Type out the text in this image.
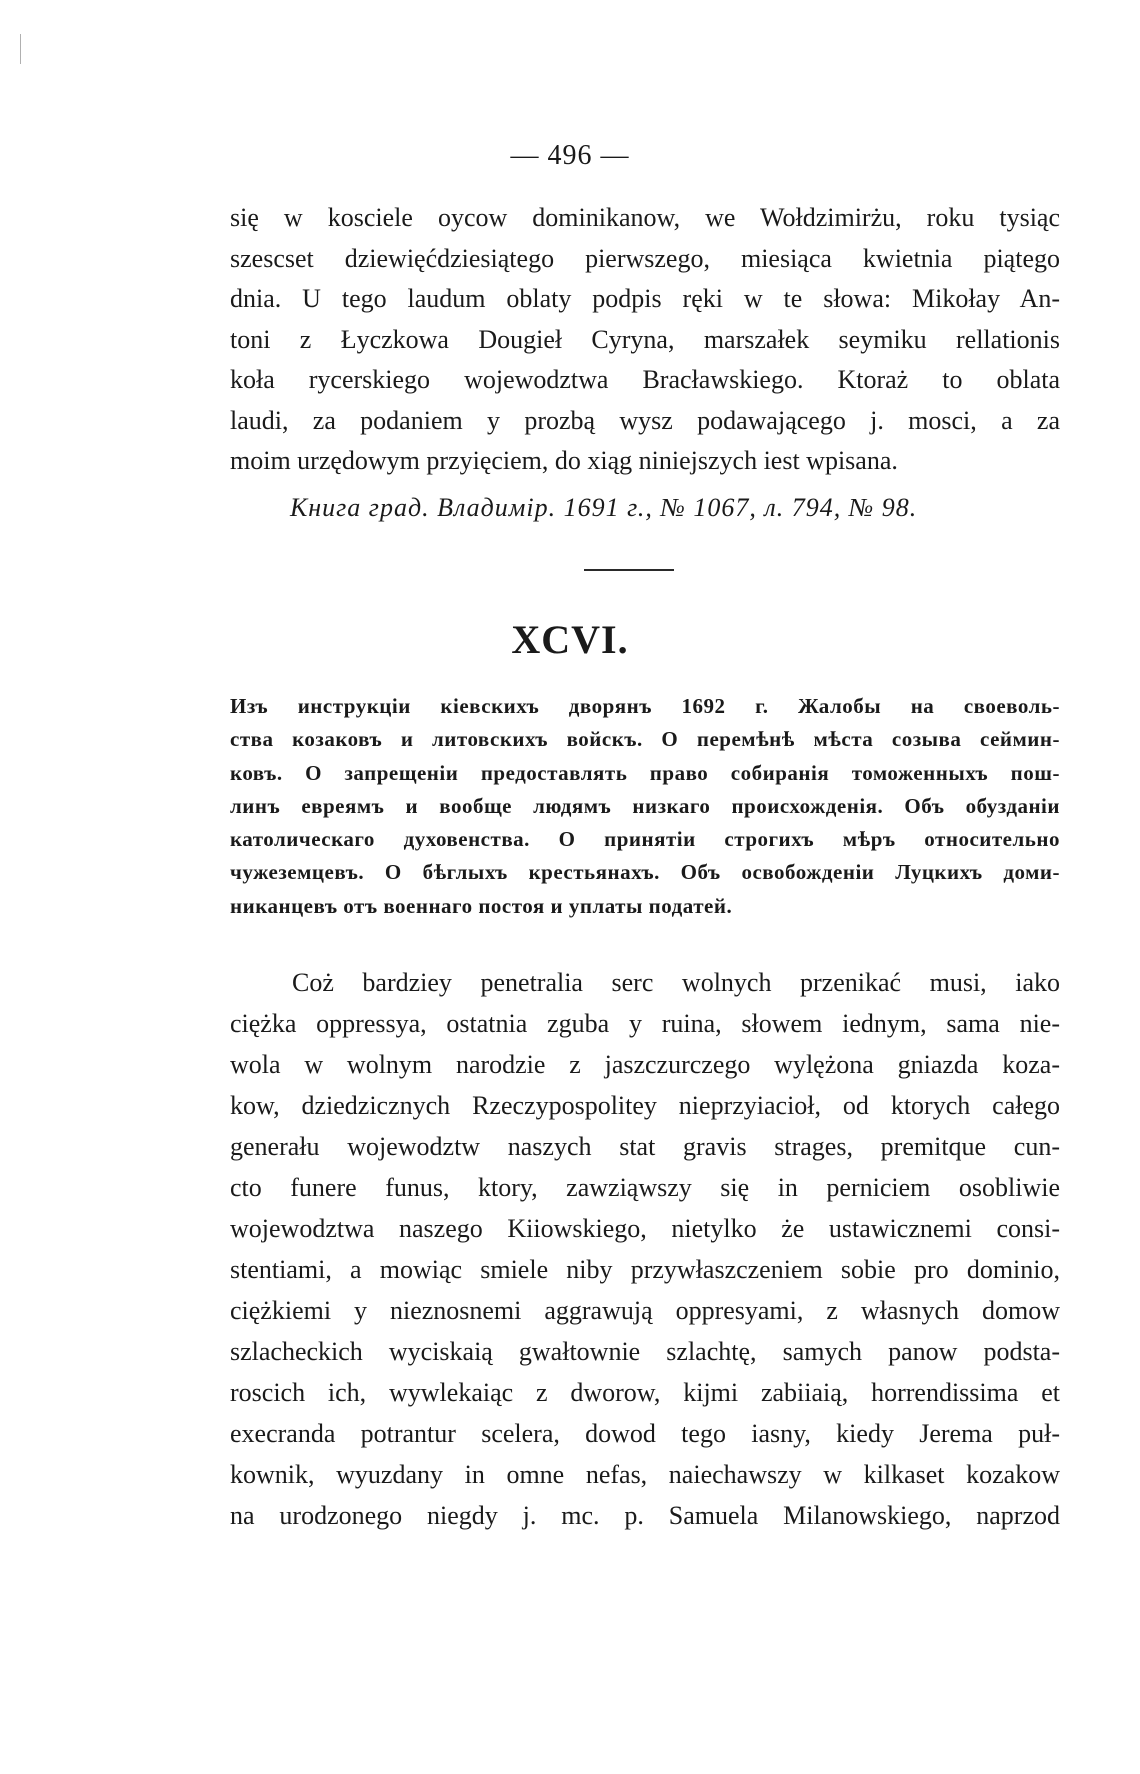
— 496 —
się w kosciele oycow dominikanow, we Wołdzimirżu, roku tysiąc
szescset dziewięćdziesiątego pierwszego, miesiąca kwietnia piątego
dnia. U tego laudum oblaty podpis ręki w te słowa: Mikołay An-
toni z Łyczkowa Dougieł Cyryna, marszałek seymiku rellationis
koła rycerskiego wojewodztwa Bracławskiego. Ktoraż to oblata
laudi, za podaniem y prozbą wysz podawającego j. mosci, a za
moim urzędowym przyięciem, do xiąg niniejszych iest wpisana.
Книга град. Владимір. 1691 г., № 1067, л. 794, № 98.
XCVI.
Изъ инструкціи кіевскихъ дворянъ 1692 г. Жалобы на своеволь-
ства козаковъ и литовскихъ войскъ. О перемѣнѣ мѣста созыва сеймин-
ковъ. О запрещеніи предоставлять право собиранія томоженныхъ пош-
линъ евреямъ и вообще людямъ низкаго происхожденія. Объ обузданіи
католическаго духовенства. О принятіи строгихъ мѣръ относительно
чужеземцевъ. О бѣглыхъ крестьянахъ. Объ освобожденіи Луцкихъ доми-
никанцевъ отъ военнаго постоя и уплаты податей.
Coż bardziey penetralia serc wolnych przenikać musi, iako
ciężka oppressya, ostatnia zguba y ruina, słowem iednym, sama nie-
wola w wolnym narodzie z jaszczurczego wylężona gniazda koza-
kow, dziedzicznych Rzeczypospolitey nieprzyiacioł, od ktorych całego
generału wojewodztw naszych stat gravis strages, premitque cun-
cto funere funus, ktory, zawziąwszy się in perniciem osobliwie
wojewodztwa naszego Kiiowskiego, nietylko że ustawicznemi consi-
stentiami, a mowiąc smiele niby przywłaszczeniem sobie pro dominio,
ciężkiemi y nieznosnemi aggrawują oppresyami, z własnych domow
szlacheckich wyciskaią gwałtownie szlachtę, samych panow podsta-
roscich ich, wywlekaiąc z dworow, kijmi zabiiaią, horrendissima et
execranda potrantur scelera, dowod tego iasny, kiedy Jerema puł-
kownik, wyuzdany in omne nefas, naiechawszy w kilkaset kozakow
na urodzonego niegdy j. mc. p. Samuela Milanowskiego, naprzod
